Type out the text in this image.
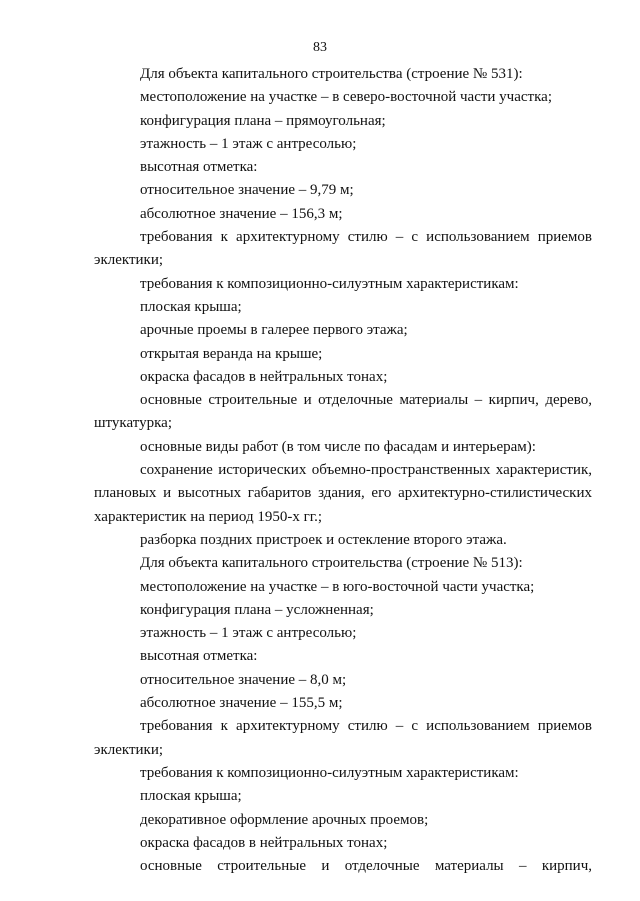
83

Для объекта капитального строительства (строение № 531):

местоположение на участке – в северо-восточной части участка;

конфигурация плана – прямоугольная;

этажность – 1 этаж с антресолью;

высотная отметка:

относительное значение – 9,79 м;

абсолютное значение – 156,3 м;

требования к архитектурному стилю – с использованием приемов эклектики;

требования к композиционно-силуэтным характеристикам:

плоская крыша;

арочные проемы в галерее первого этажа;

открытая веранда на крыше;

окраска фасадов в нейтральных тонах;

основные строительные и отделочные материалы – кирпич, дерево, штукатурка;

основные виды работ (в том числе по фасадам и интерьерам):

сохранение исторических объемно-пространственных характеристик, плановых и высотных габаритов здания, его архитектурно-стилистических характеристик на период 1950-х гг.;

разборка поздних пристроек и остекление второго этажа.

Для объекта капитального строительства (строение № 513):

местоположение на участке – в юго-восточной части участка;

конфигурация плана – усложненная;

этажность – 1 этаж с антресолью;

высотная отметка:

относительное значение – 8,0 м;

абсолютное значение – 155,5 м;

требования к архитектурному стилю – с использованием приемов эклектики;

требования к композиционно-силуэтным характеристикам:

плоская крыша;

декоративное оформление арочных проемов;

окраска фасадов в нейтральных тонах;

основные строительные и отделочные материалы – кирпич,
